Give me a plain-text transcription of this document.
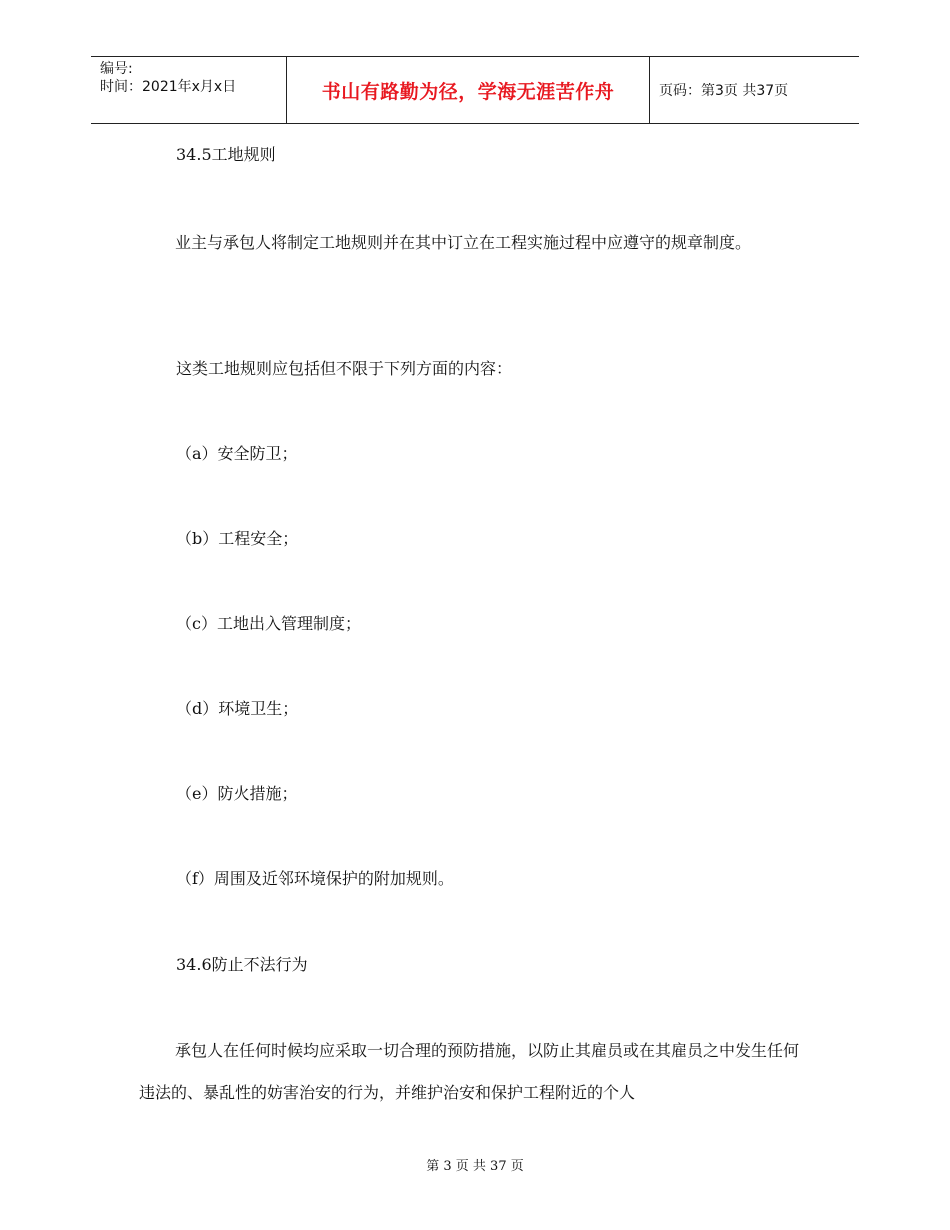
编号:
时间：2021年x月x日	书山有路勤为径，学海无涯苦作舟	页码：第3页 共37页

34.5工地规则

业主与承包人将制定工地规则并在其中订立在工程实施过程中应遵守的规章制度。

这类工地规则应包括但不限于下列方面的内容：

（a）安全防卫；

（b）工程安全；

（c）工地出入管理制度；

（d）环境卫生；

（e）防火措施；

（f）周围及近邻环境保护的附加规则。

34.6防止不法行为

承包人在任何时候均应采取一切合理的预防措施，以防止其雇员或在其雇员之中发生任何违法的、暴乱性的妨害治安的行为，并维护治安和保护工程附近的个人

第 3 页 共 37 页
